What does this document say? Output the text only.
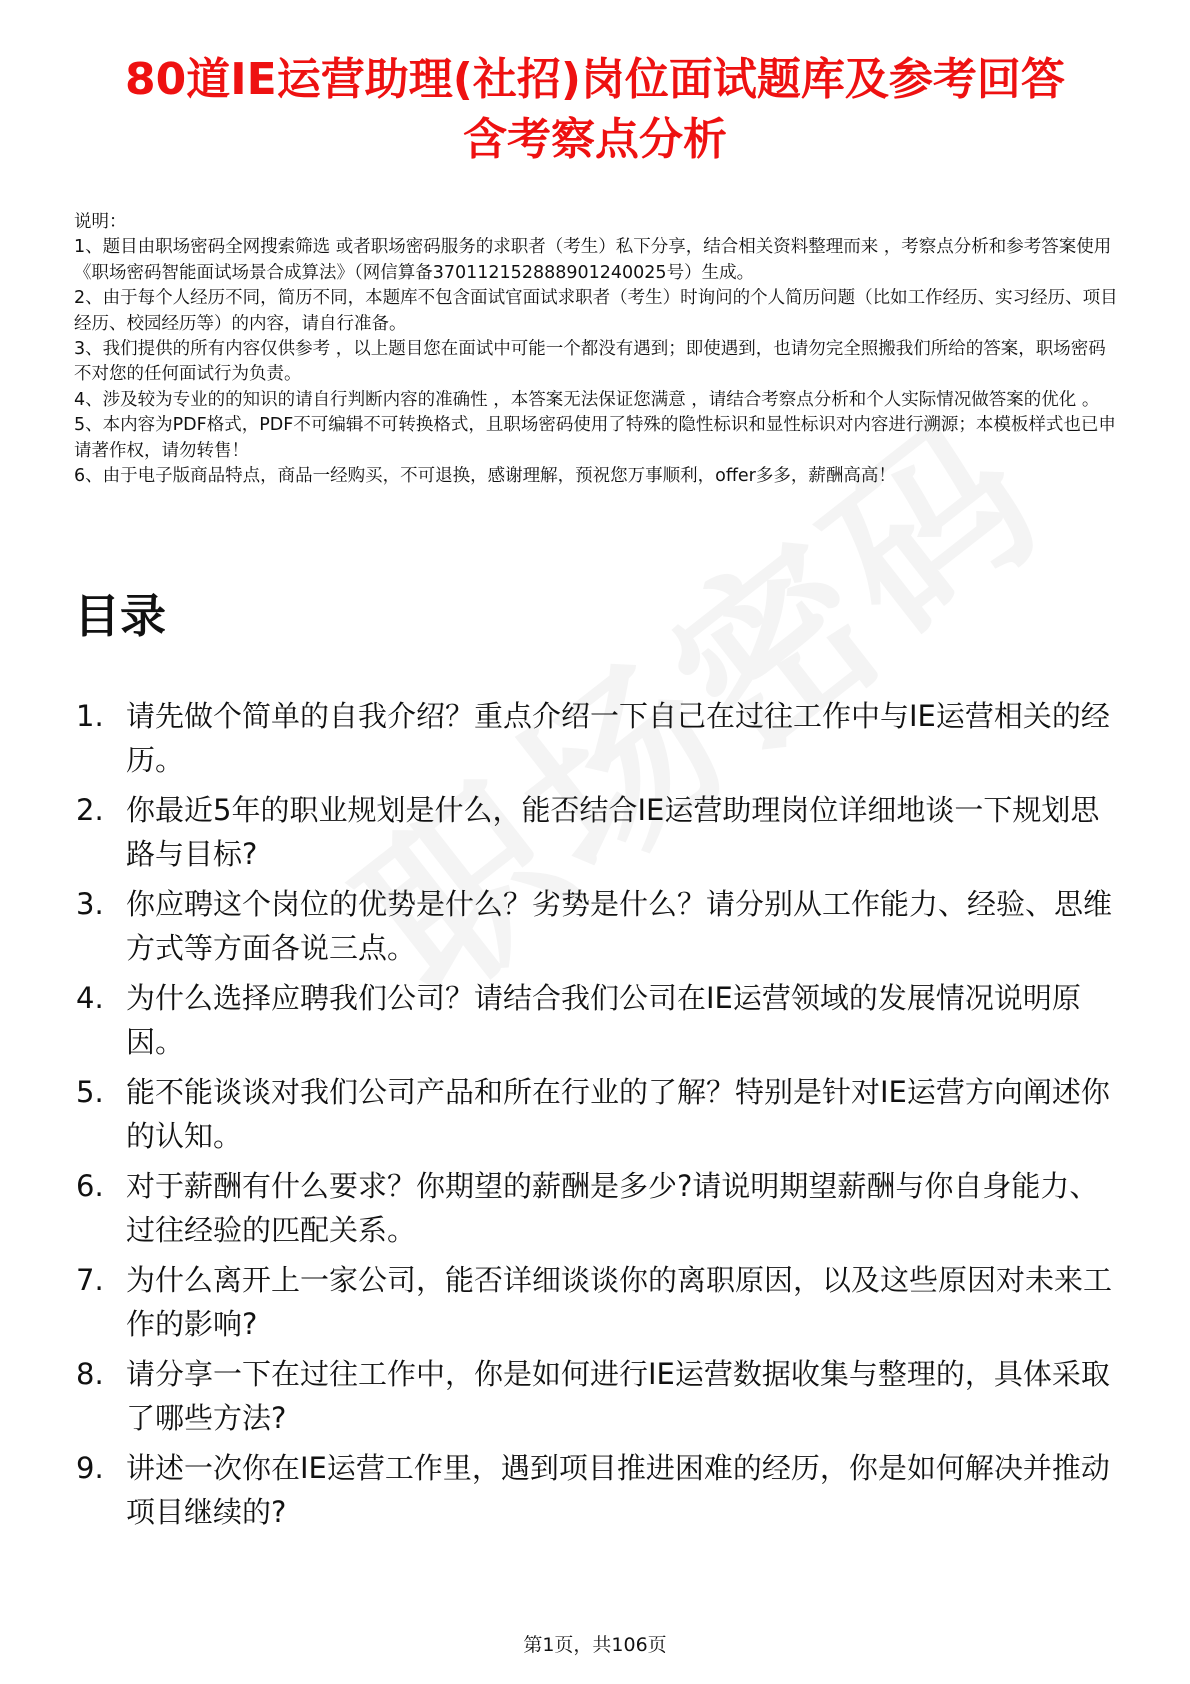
80道IE运营助理(社招)岗位面试题库及参考回答
含考察点分析

说明：

1、题目由职场密码全网搜索筛选 或者职场密码服务的求职者（考生）私下分享，结合相关资料整理而来 ，考察点分析和参考答案使用《职场密码智能面试场景合成算法》（网信算备370112152888901240025号）生成。

2、由于每个人经历不同，简历不同，本题库不包含面试官面试求职者（考生）时询问的个人简历问题（比如工作经历、实习经历、项目经历、校园经历等）的内容，请自行准备。

3、我们提供的所有内容仅供参考 ，以上题目您在面试中可能一个都没有遇到；即使遇到，也请勿完全照搬我们所给的答案，职场密码不对您的任何面试行为负责。

4、涉及较为专业的的知识的请自行判断内容的准确性 ，本答案无法保证您满意 ，请结合考察点分析和个人实际情况做答案的优化 。

5、本内容为PDF格式，PDF不可编辑不可转换格式，且职场密码使用了特殊的隐性标识和显性标识对内容进行溯源；本模板样式也已申请著作权，请勿转售！

6、由于电子版商品特点，商品一经购买，不可退换，感谢理解，预祝您万事顺利，offer多多，薪酬高高！

目录
1. 请先做个简单的自我介绍？重点介绍一下自己在过往工作中与IE运营相关的经历。
2. 你最近5年的职业规划是什么，能否结合IE运营助理岗位详细地谈一下规划思路与目标?
3. 你应聘这个岗位的优势是什么？劣势是什么？请分别从工作能力、经验、思维方式等方面各说三点。
4. 为什么选择应聘我们公司？请结合我们公司在IE运营领域的发展情况说明原因。
5. 能不能谈谈对我们公司产品和所在行业的了解？特别是针对IE运营方向阐述你的认知。
6. 对于薪酬有什么要求？你期望的薪酬是多少?请说明期望薪酬与你自身能力、过往经验的匹配关系。
7. 为什么离开上一家公司，能否详细谈谈你的离职原因，以及这些原因对未来工作的影响?
8. 请分享一下在过往工作中，你是如何进行IE运营数据收集与整理的，具体采取了哪些方法?
9. 讲述一次你在IE运营工作里，遇到项目推进困难的经历，你是如何解决并推动项目继续的?
第1页，共106页
